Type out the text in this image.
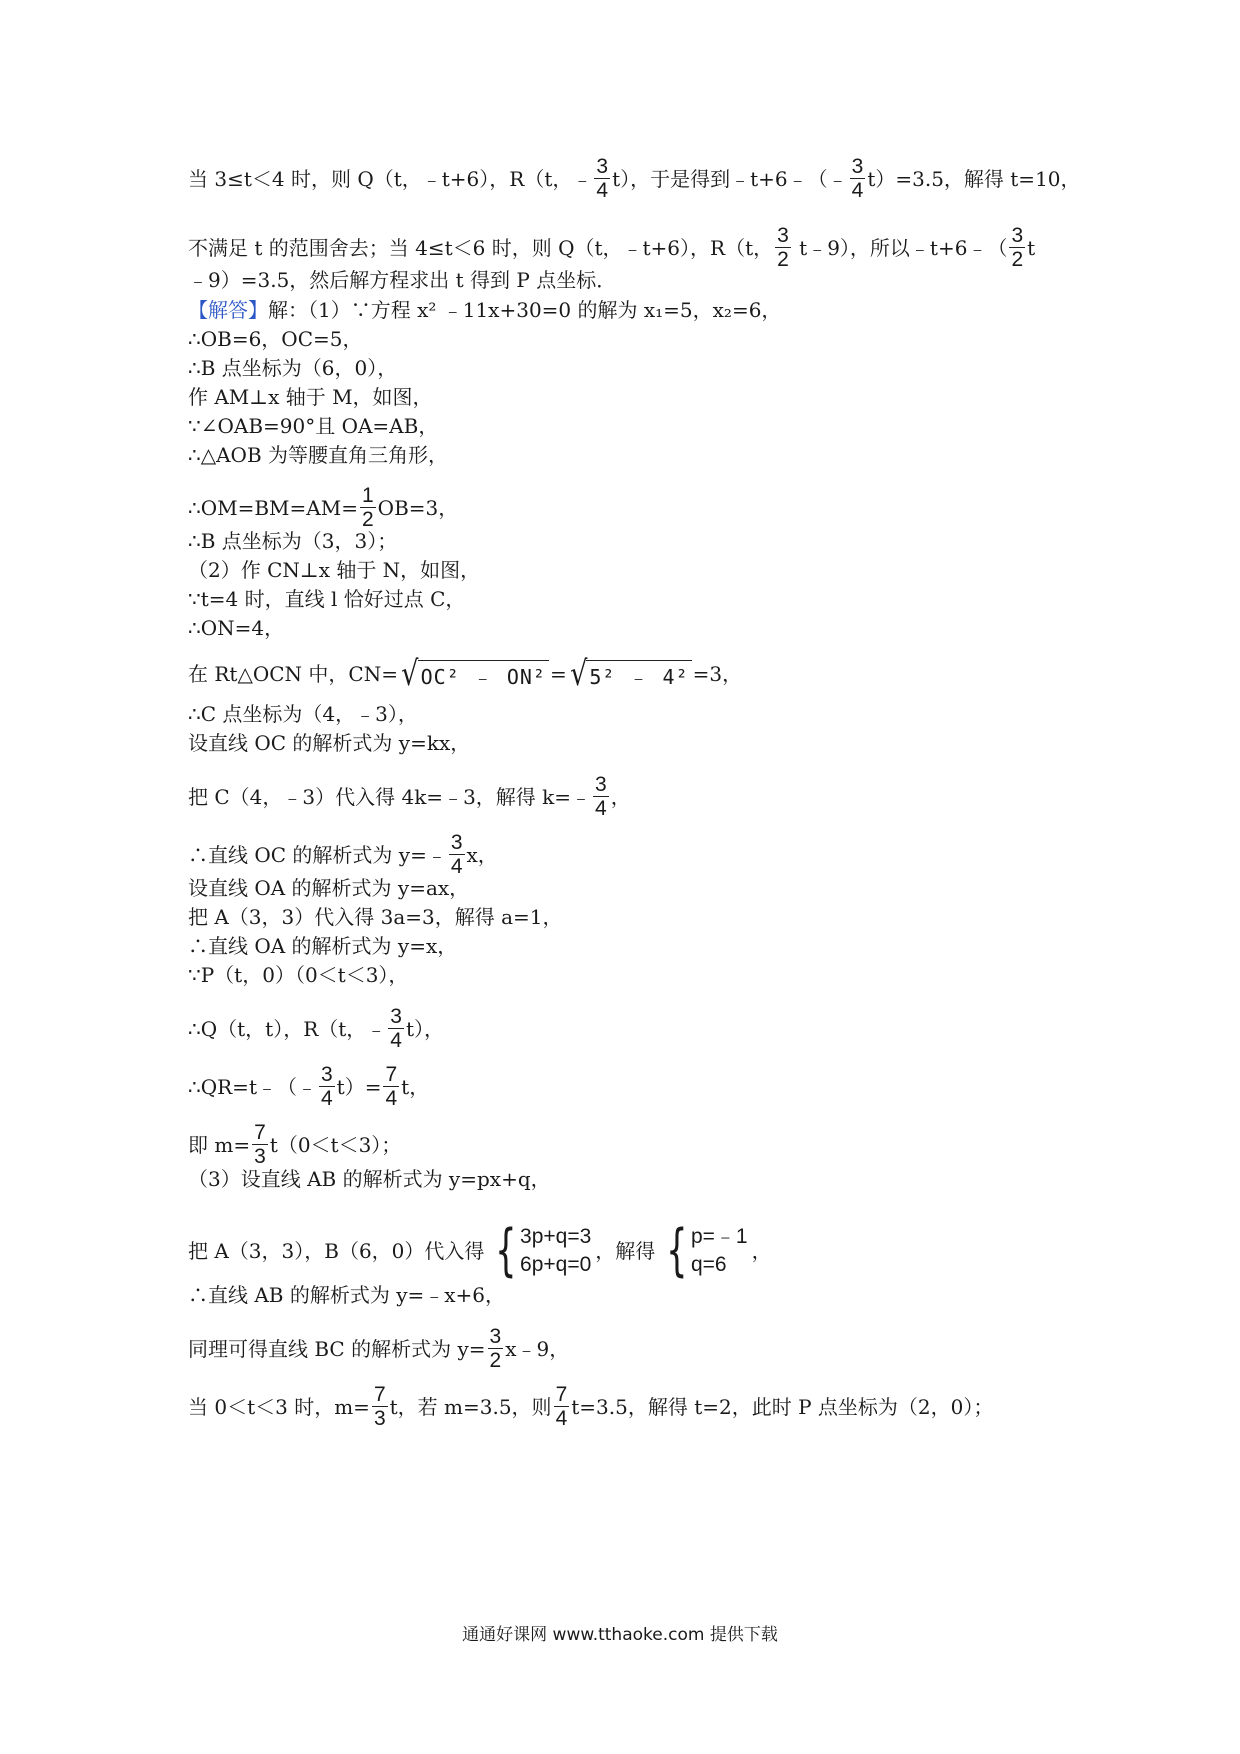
当 3≤t＜4 时，则 Q（t，﹣t+6），R（t，﹣ $\frac{3}{4} t$），于是得到﹣t+6﹣（﹣ $\frac{3}{4} t)=3.5$，解得 t=10，
不满足 t 的范围舍去；当 4≤t＜6 时，则 Q（t，﹣t+6），R（t， $\frac{3}{2}$ t﹣9），所以﹣t+6﹣（ $\frac{3}{2}$ t
﹣9）=3.5，然后解方程求出 t 得到 P 点坐标．
【解答】 解：（1）∵方程 x² ﹣11x+30=0 的解为 x₁=5，x₂=6，
∴OB=6，OC=5，
∴B 点坐标为（6，0），
作 AM⊥x 轴于 M，如图，
∵∠OAB=90°且 OA=AB，
∴△AOB 为等腰直角三角形，
∴OM=BM=AM= $\frac{1}{2} OB=3$，
∴B 点坐标为（3，3）；
（2）作 CN⊥x 轴于 N，如图，
∵t=4 时，直线 l 恰好过点 C，
∴ON=4，
在 Rt△OCN 中，CN= √ OC² ﹣ ON² = √ 5² ﹣ 4² =3，
∴C 点坐标为（4，﹣3），
设直线 OC 的解析式为 y=kx，
把 C（4，﹣3）代入得 4k=﹣3，解得 k=﹣ $\frac{3}{4}$ ，
∴直线 OC 的解析式为 y=﹣ $\frac{3}{4}$ x，
设直线 OA 的解析式为 y=ax，
把 A（3，3）代入得 3a=3，解得 a=1，
∴直线 OA 的解析式为 y=x，
∵P（t，0）（0＜t＜3），
∴Q（t，t），R（t，﹣ $\frac{3}{4} t$），
∴QR=t﹣（﹣ $\frac{3}{4} t)= \frac{7}{4}$ t，
即 $m= \frac{7}{3} t(0<t<3)$；
（3）设直线 AB 的解析式为 y=px+q，
把 A（3，3），B（6，0）代入得 { 3p+q=3
6p+q=0
，解得 { p=﹣1
q=6
，
∴直线 AB 的解析式为 y=﹣x+6，
同理可得直线 BC 的解析式为 $y= \frac{3}{2}$ x﹣9，
当 0＜t＜3 时，$m= \frac{7}{3}$ t，若 m=3.5，则 $\frac{7}{4} t=3.5$，解得 t=2，此时 P 点坐标为（2，0）；
通通好课网 www.tthaoke.com 提供下载
